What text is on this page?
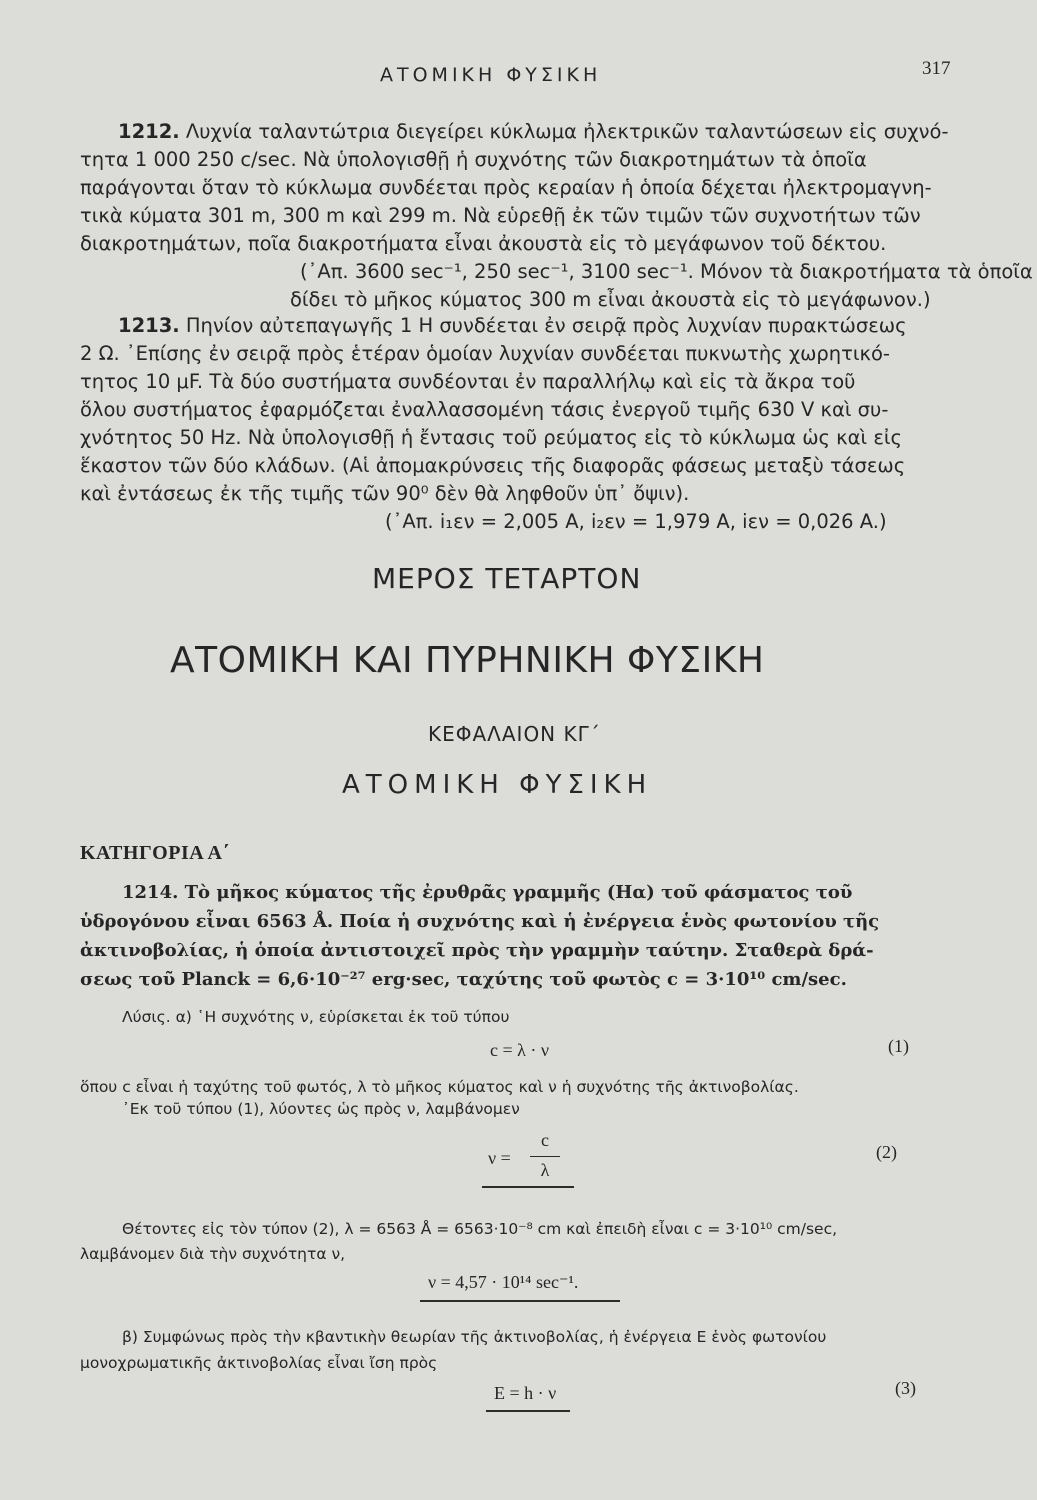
ΑΤΟΜΙΚΗ ΦΥΣΙΚΗ	317
1212. Λυχνία ταλαντώτρια διεγείρει κύκλωμα ἠλεκτρικῶν ταλαντώσεων εἰς συχνό-
τητα 1 000 250 c/sec. Νὰ ὑπολογισθῇ ἡ συχνότης τῶν διακροτημάτων τὰ ὁποῖα
παράγονται ὅταν τὸ κύκλωμα συνδέεται πρὸς κεραίαν ἡ ὁποία δέχεται ἠλεκτρομαγνη-
τικὰ κύματα 301 m, 300 m καὶ 299 m. Νὰ εὑρεθῇ ἐκ τῶν τιμῶν τῶν συχνοτήτων τῶν
διακροτημάτων, ποῖα διακροτήματα εἶναι ἀκουστὰ εἰς τὸ μεγάφωνον τοῦ δέκτου.
(᾽Απ. 3600 sec⁻¹, 250 sec⁻¹, 3100 sec⁻¹. Μόνον τὰ διακροτήματα τὰ ὁποῖα
δίδει τὸ μῆκος κύματος 300 m εἶναι ἀκουστὰ εἰς τὸ μεγάφωνον.)
1213. Πηνίον αὐτεπαγωγῆς 1 Η συνδέεται ἐν σειρᾷ πρὸς λυχνίαν πυρακτώσεως
2 Ω. ᾽Επίσης ἐν σειρᾷ πρὸς ἑτέραν ὁμοίαν λυχνίαν συνδέεται πυκνωτὴς χωρητικό-
τητος 10 μF. Τὰ δύο συστήματα συνδέονται ἐν παραλλήλῳ καὶ εἰς τὰ ἄκρα τοῦ
ὅλου συστήματος ἐφαρμόζεται ἐναλλασσομένη τάσις ἐνεργοῦ τιμῆς 630 V καὶ συ-
χνότητος 50 Hz. Νὰ ὑπολογισθῇ ἡ ἔντασις τοῦ ρεύματος εἰς τὸ κύκλωμα ὡς καὶ εἰς
ἕκαστον τῶν δύο κλάδων. (Αἱ ἀπομακρύνσεις τῆς διαφορᾶς φάσεως μεταξὺ τάσεως
καὶ ἐντάσεως ἐκ τῆς τιμῆς τῶν 90⁰ δὲν θὰ ληφθοῦν ὑπ᾽ ὄψιν).
(᾽Απ. i₁εν = 2,005 A, i₂εν = 1,979 A, iεν = 0,026 A.)
ΜΕΡΟΣ ΤΕΤΑΡΤΟΝ
ΑΤΟΜΙΚΗ ΚΑΙ ΠΥΡΗΝΙΚΗ ΦΥΣΙΚΗ
ΚΕΦΑΛΑΙΟΝ ΚΓ΄
ΑΤΟΜΙΚΗ ΦΥΣΙΚΗ
ΚΑΤΗΓΟΡΙΑ Α΄
1214. Τὸ μῆκος κύματος τῆς ἐρυθρᾶς γραμμῆς (Hα) τοῦ φάσματος τοῦ
ὑδρογόνου εἶναι 6563 Å. Ποία ἡ συχνότης καὶ ἡ ἐνέργεια ἑνὸς φωτονίου τῆς
ἀκτινοβολίας, ἡ ὁποία ἀντιστοιχεῖ πρὸς τὴν γραμμὴν ταύτην. Σταθερὰ δρά-
σεως τοῦ Planck = 6,6·10⁻²⁷ erg·sec, ταχύτης τοῦ φωτὸς c = 3·10¹⁰ cm/sec.
Λύσις. α) ῾Η συχνότης ν, εὑρίσκεται ἐκ τοῦ τύπου
c = λ · ν	(1)
ὅπου c εἶναι ἡ ταχύτης τοῦ φωτός, λ τὸ μῆκος κύματος καὶ ν ἡ συχνότης τῆς ἀκτινοβολίας.
᾽Εκ τοῦ τύπου (1), λύοντες ὡς πρὸς ν, λαμβάνομεν
ν =
c
λ
(2)
Θέτοντες εἰς τὸν τύπον (2), λ = 6563 Å = 6563·10⁻⁸ cm καὶ ἐπειδὴ εἶναι c = 3·10¹⁰ cm/sec,
λαμβάνομεν διὰ τὴν συχνότητα ν,
ν = 4,57 · 10¹⁴ sec⁻¹.
β) Συμφώνως πρὸς τὴν κβαντικὴν θεωρίαν τῆς ἀκτινοβολίας, ἡ ἐνέργεια Ε ἑνὸς φωτονίου
μονοχρωματικῆς ἀκτινοβολίας εἶναι ἴση πρὸς
Ε = h · ν	(3)
